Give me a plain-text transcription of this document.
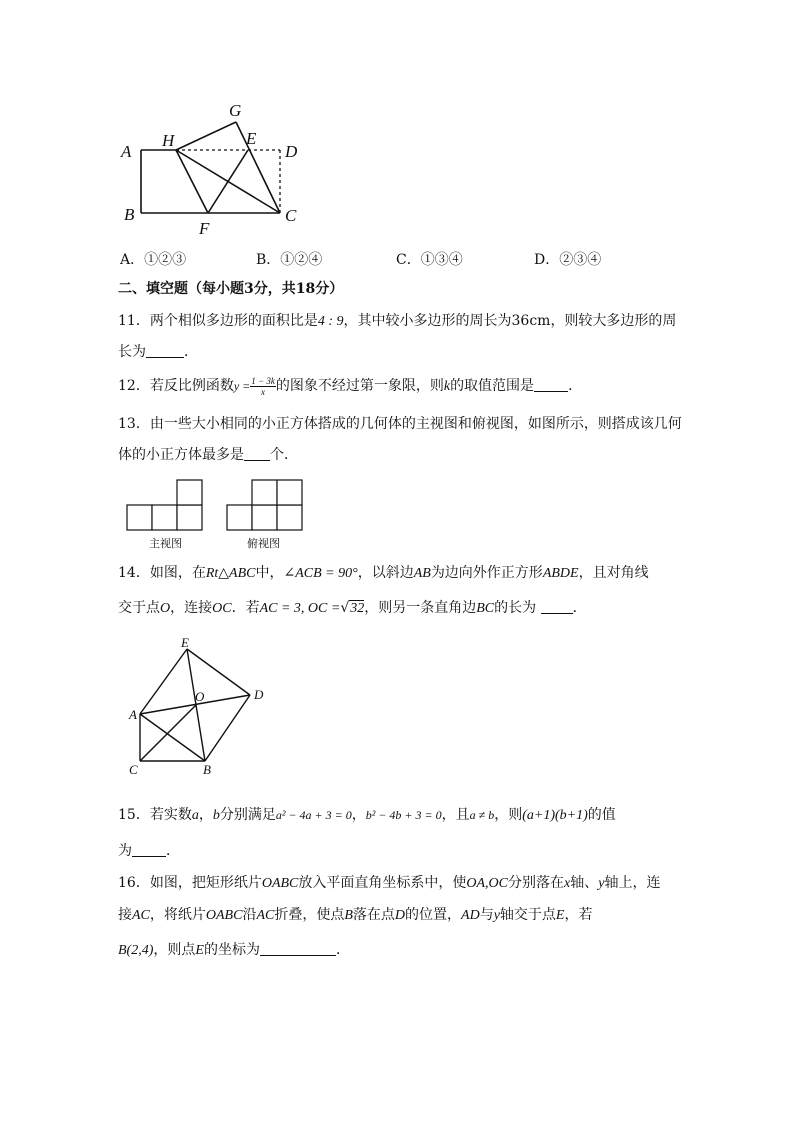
A
B	C
D
E
F
G
H
A．①②③	B．①②④	C．①③④	D．②③④
二、填空题（每小题3分，共18分）
11．两个相似多边形的面积比是4 : 9，其中较小多边形的周长为36cm，则较大多边形的周
长为	．
12．若反比例函数$y = \frac{1 - 3k}{x}$ 的图象不经过第一象限，则k的取值范围是 ．
13．由一些大小相同的小正方体搭成的几何体的主视图和俯视图，如图所示，则搭成该几何
体的小正方体最多是 个．
主视图	俯视图
14．如图，在Rt△ABC中，∠ACB = 90°，以斜边AB为边向外作正方形ABDE，且对角线
交于点O，连接OC．若AC = 3, OC =√32，则另一条直角边BC的长为	．
A
B
C
D
E
O
15．若实数a，b分别满足a² − 4a + 3 = 0，b² − 4b + 3 = 0，且a ≠ b，则(a+1)(b+1)的值
为 ．
16．如图，把矩形纸片OABC放入平面直角坐标系中，使OA,OC分别落在x轴、y轴上，连
接AC，将纸片OABC沿AC折叠，使点B落在点D的位置，AD与y轴交于点E，若
B(2,4)，则点E的坐标为	．
